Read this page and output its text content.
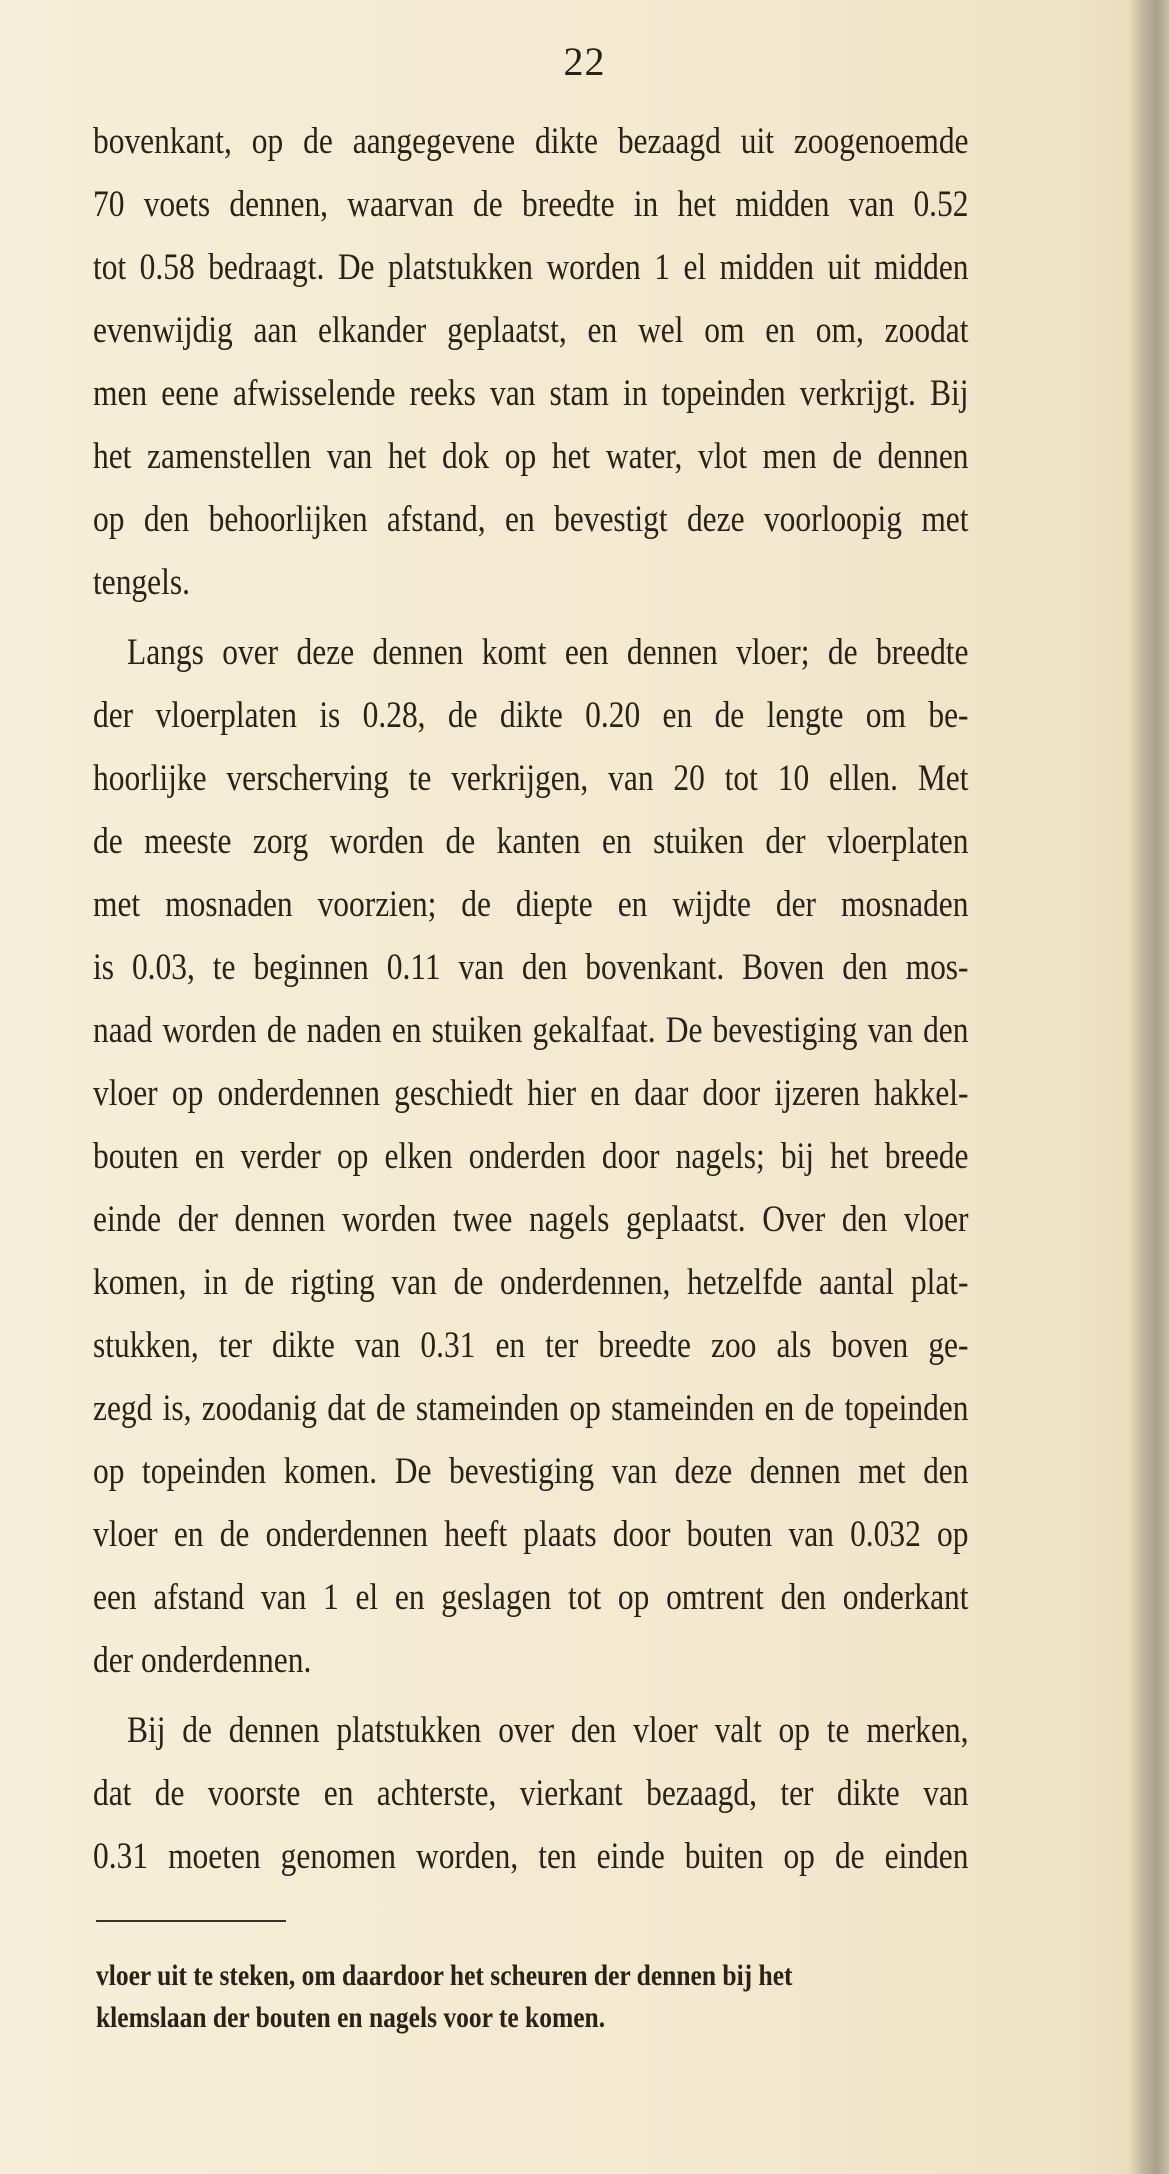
22
bovenkant, op de aangegevene dikte bezaagd uit zoogenoemde
70 voets dennen, waarvan de breedte in het midden van 0.52
tot 0.58 bedraagt. De platstukken worden 1 el midden uit midden
evenwijdig aan elkander geplaatst, en wel om en om, zoodat
men eene afwisselende reeks van stam in topeinden verkrijgt. Bij
het zamenstellen van het dok op het water, vlot men de dennen
op den behoorlijken afstand, en bevestigt deze voorloopig met
tengels.
Langs over deze dennen komt een dennen vloer; de breedte
der vloerplaten is 0.28, de dikte 0.20 en de lengte om be-
hoorlijke verscherving te verkrijgen, van 20 tot 10 ellen. Met
de meeste zorg worden de kanten en stuiken der vloerplaten
met mosnaden voorzien; de diepte en wijdte der mosnaden
is 0.03, te beginnen 0.11 van den bovenkant. Boven den mos-
naad worden de naden en stuiken gekalfaat. De bevestiging van den
vloer op onderdennen geschiedt hier en daar door ijzeren hakkel-
bouten en verder op elken onderden door nagels; bij het breede
einde der dennen worden twee nagels geplaatst. Over den vloer
komen, in de rigting van de onderdennen, hetzelfde aantal plat-
stukken, ter dikte van 0.31 en ter breedte zoo als boven ge-
zegd is, zoodanig dat de stameinden op stameinden en de topeinden
op topeinden komen. De bevestiging van deze dennen met den
vloer en de onderdennen heeft plaats door bouten van 0.032 op
een afstand van 1 el en geslagen tot op omtrent den onderkant
der onderdennen.
Bij de dennen platstukken over den vloer valt op te merken,
dat de voorste en achterste, vierkant bezaagd, ter dikte van
0.31 moeten genomen worden, ten einde buiten op de einden
vloer uit te steken, om daardoor het scheuren der dennen bij het
klemslaan der bouten en nagels voor te komen.
